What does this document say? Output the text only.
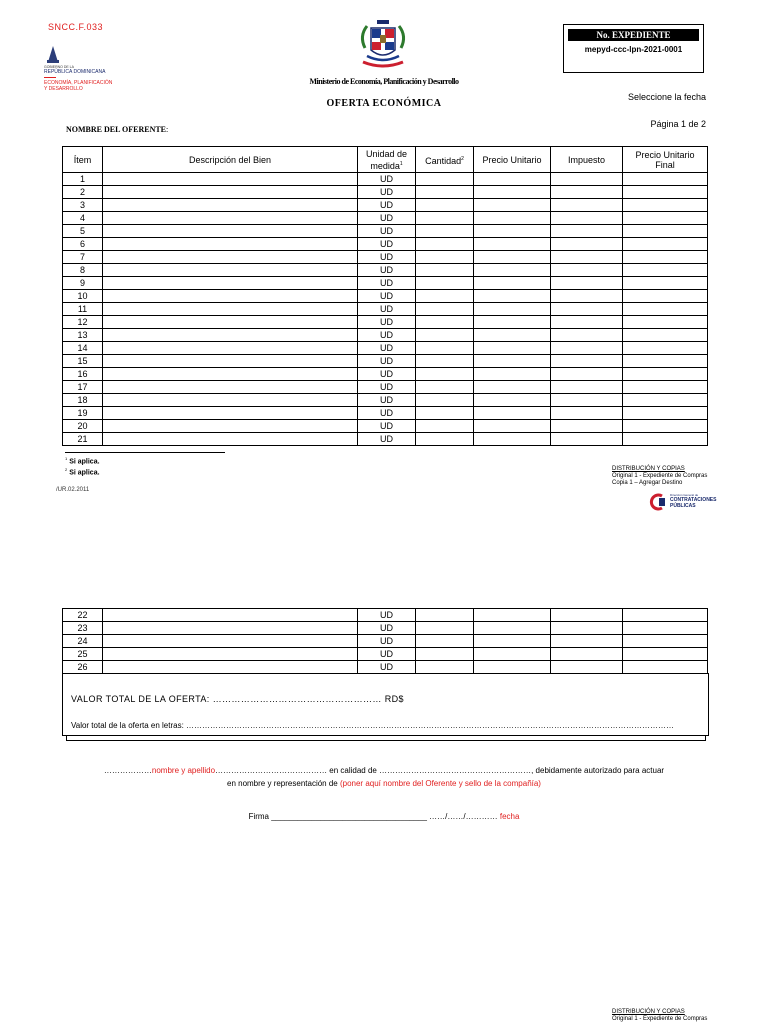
SNCC.F.033
GOBIERNO DE LA
REPÚBLICA DOMINICANA
ECONOMÍA, PLANIFICACIÓN
Y DESARROLLO
Ministerio de Economía, Planificación y Desarrollo
OFERTA ECONÓMICA
No. EXPEDIENTE
mepyd-ccc-lpn-2021-0001
Seleccione la fecha
Página 1 de 2
NOMBRE DEL OFERENTE:
Ítem	Descripción del Bien	Unidad de medida$^1$	Cantidad$^2$	Precio Unitario	Impuesto	Precio Unitario Final
1		UD				
2		UD				
3		UD				
4		UD				
5		UD				
6		UD				
7		UD				
8		UD				
9		UD				
10		UD				
11		UD				
12		UD				
13		UD				
14		UD				
15		UD				
16		UD				
17		UD				
18		UD				
19		UD				
20		UD				
21		UD				
$^1$ Si aplica.
$^2$ Si aplica.
/UR.02.2011
DISTRIBUCIÓN Y COPIAS
Original 1 - Expediente de Compras
Copia 1 – Agregar Destino
Dirección General de
CONTRATACIONES
PÚBLICAS
22		UD				
23		UD				
24		UD				
25		UD				
26		UD				
VALOR TOTAL DE LA OFERTA: ……………………………………………… RD$
Valor total de la oferta en letras: …………………………………………………………………………………………………………………………………………………………………
………………nombre y apellido…………………………………… en calidad de …………………………………………………, debidamente autorizado para actuar
en nombre y representación de (poner aquí nombre del Oferente y sello de la compañía)
Firma ___________________________________ ……/……/………… fecha
DISTRIBUCIÓN Y COPIAS
Original 1 - Expediente de Compras
